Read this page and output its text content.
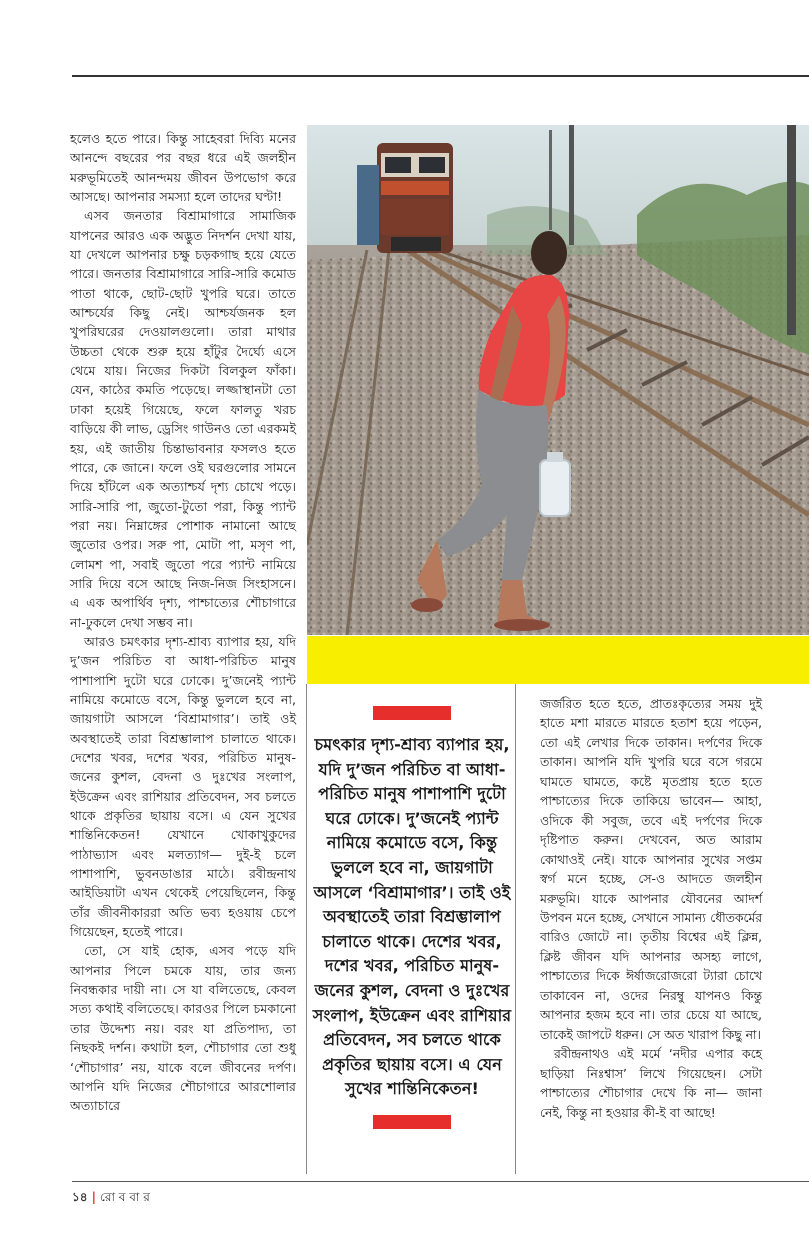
হলেও হতে পারে। কিন্তু সাহেবরা দিব্যি মনের আনন্দে বছরের পর বছর ধরে এই জলহীন মরুভূমিতেই আনন্দময় জীবন উপভোগ করে আসছে। আপনার সমস্যা হলে তাদের ঘণ্টা!

এসব জনতার বিশ্রামাগারে সামাজিক যাপনের আরও এক অদ্ভুত নিদর্শন দেখা যায়, যা দেখলে আপনার চক্ষু চড়কগাছ হয়ে যেতে পারে। জনতার বিশ্রামাগারে সারি-সারি কমোড পাতা থাকে, ছোট-ছোট খুপরি ঘরে। তাতে আশ্চর্যের কিছু নেই। আশ্চর্যজনক হল খুপরিঘরের দেওয়ালগুলো। তারা মাথার উচ্চতা থেকে শুরু হয়ে হাঁটুর দৈর্ঘ্যে এসে থেমে যায়। নিজের দিকটা বিলকুল ফাঁকা। যেন, কাঠের কমতি পড়েছে। লজ্জাস্থানটা তো ঢাকা হয়েই গিয়েছে, ফলে ফালতু খরচ বাড়িয়ে কী লাভ, ড্রেসিং গাউনও তো এরকমই হয়, এই জাতীয় চিন্তাভাবনার ফসলও হতে পারে, কে জানে। ফলে ওই ঘরগুলোর সামনে দিয়ে হাঁটলে এক অত্যাশ্চর্য দৃশ্য চোখে পড়ে। সারি-সারি পা, জুতো-টুতো পরা, কিন্তু প্যান্ট পরা নয়। নিম্নাঙ্গের পোশাক নামানো আছে জুতোর ওপর। সরু পা, মোটা পা, মসৃণ পা, লোমশ পা, সবাই জুতো পরে প্যান্ট নামিয়ে সারি দিয়ে বসে আছে নিজ-নিজ সিংহাসনে। এ এক অপার্থিব দৃশ্য, পাশ্চাত্যের শৌচাগারে না-ঢুকলে দেখা সম্ভব না।

আরও চমৎকার দৃশ্য-শ্রাব্য ব্যাপার হয়, যদি দু’জন পরিচিত বা আধা-পরিচিত মানুষ পাশাপাশি দুটো ঘরে ঢোকে। দু’জনেই প্যান্ট নামিয়ে কমোডে বসে, কিন্তু ভুললে হবে না, জায়গাটা আসলে ‘বিশ্রামাগার’। তাই ওই অবস্থাতেই তারা বিশ্রম্ভালাপ চালাতে থাকে। দেশের খবর, দশের খবর, পরিচিত মানুষ-জনের কুশল, বেদনা ও দুঃখের সংলাপ, ইউক্রেন এবং রাশিয়ার প্রতিবেদন, সব চলতে থাকে প্রকৃতির ছায়ায় বসে। এ যেন সুখের শান্তিনিকেতন! যেখানে খোকাখুকুদের পাঠাভ্যাস এবং মলত্যাগ— দুই-ই চলে পাশাপাশি, ভুবনডাঙার মাঠে। রবীন্দ্রনাথ আইডিয়াটা এখন থেকেই পেয়েছিলেন, কিন্তু তাঁর জীবনীকাররা অতি ভব্য হওয়ায় চেপে গিয়েছেন, হতেই পারে।

তো, সে যাই হোক, এসব পড়ে যদি আপনার পিলে চমকে যায়, তার জন্য নিবন্ধকার দায়ী না। সে যা বলিতেছে, কেবল সত্য কথাই বলিতেছে। কারওর পিলে চমকানো তার উদ্দেশ্য নয়। বরং যা প্রতিপাদ্য, তা নিছকই দর্শন। কথাটা হল, শৌচাগার তো শুধু ‘শৌচাগার’ নয়, যাকে বলে জীবনের দর্পণ। আপনি যদি নিজের শৌচাগারে আরশোলার অত্যাচারে

চমৎকার দৃশ্য-শ্রাব্য ব্যাপার হয়, যদি দু’জন পরিচিত বা আধা-পরিচিত মানুষ পাশাপাশি দুটো ঘরে ঢোকে। দু’জনেই প্যান্ট নামিয়ে কমোডে বসে, কিন্তু ভুললে হবে না, জায়গাটা আসলে ‘বিশ্রামাগার’। তাই ওই অবস্থাতেই তারা বিশ্রম্ভালাপ চালাতে থাকে। দেশের খবর, দশের খবর, পরিচিত মানুষ-জনের কুশল, বেদনা ও দুঃখের সংলাপ, ইউক্রেন এবং রাশিয়ার প্রতিবেদন, সব চলতে থাকে প্রকৃতির ছায়ায় বসে। এ যেন সুখের শান্তিনিকেতন!

জর্জরিত হতে হতে, প্রাতঃকৃত্যের সময় দুই হাতে মশা মারতে মারতে হতাশ হয়ে পড়েন, তো এই লেখার দিকে তাকান। দর্পণের দিকে তাকান। আপনি যদি খুপরি ঘরে বসে গরমে ঘামতে ঘামতে, কষ্টে মৃতপ্রায় হতে হতে পাশ্চাত্যের দিকে তাকিয়ে ভাবেন— আহা, ওদিকে কী সবুজ, তবে এই দর্পণের দিকে দৃষ্টিপাত করুন। দেখবেন, অত আরাম কোথাওই নেই। যাকে আপনার সুখের সপ্তম স্বর্গ মনে হচ্ছে, সে-ও আদতে জলহীন মরুভূমি। যাকে আপনার যৌবনের আদর্শ উপবন মনে হচ্ছে, সেখানে সামান্য ধৌতকর্মের বারিও জোটে না। তৃতীয় বিশ্বের এই ক্লিন্ন, ক্লিষ্ট জীবন যদি আপনার অসহ্য লাগে, পাশ্চাত্যের দিকে ঈর্ষাজরোজরো ট্যারা চোখে তাকাবেন না, ওদের নিরম্বু যাপনও কিন্তু আপনার হজম হবে না। তার চেয়ে যা আছে, তাকেই জাপটে ধরুন। সে অত খারাপ কিছু না।

রবীন্দ্রনাথও এই মর্মে ‘নদীর এপার কহে ছাড়িয়া নিঃশ্বাস’ লিখে গিয়েছেন। সেটা পাশ্চাত্যের শৌচাগার দেখে কি না— জানা নেই, কিন্তু না হওয়ার কী-ই বা আছে!

১৪ | রো ব বা র
